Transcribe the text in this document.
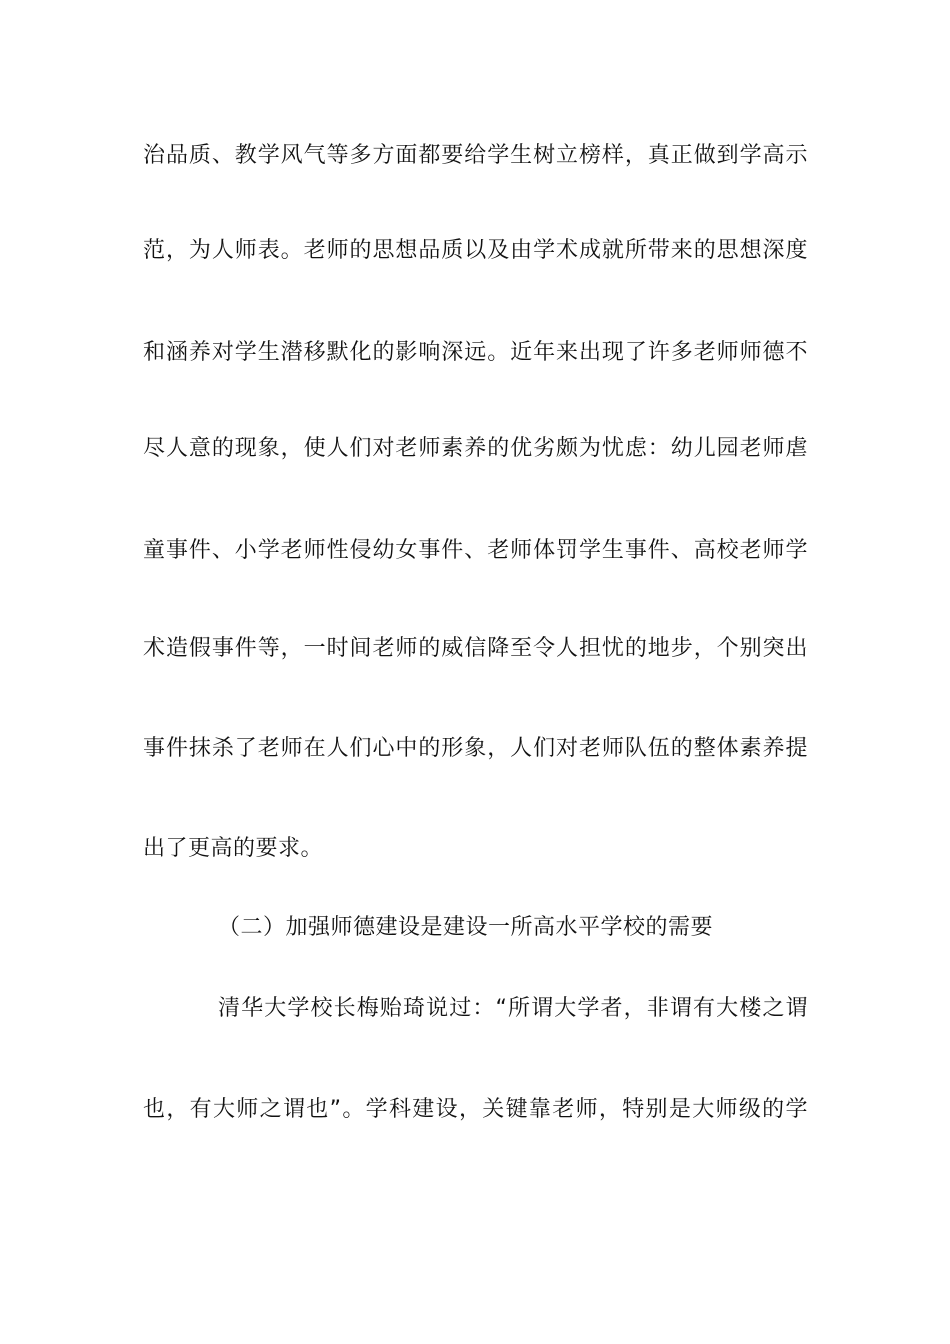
治品质、教学风气等多方面都要给学生树立榜样，真正做到学高示
范，为人师表。老师的思想品质以及由学术成就所带来的思想深度
和涵养对学生潜移默化的影响深远。近年来出现了许多老师师德不
尽人意的现象，使人们对老师素养的优劣颇为忧虑：幼儿园老师虐
童事件、小学老师性侵幼女事件、老师体罚学生事件、高校老师学
术造假事件等，一时间老师的威信降至令人担忧的地步，个别突出
事件抹杀了老师在人们心中的形象，人们对老师队伍的整体素养提
出了更高的要求。
（二）加强师德建设是建设一所高水平学校的需要
清华大学校长梅贻琦说过：“所谓大学者，非谓有大楼之谓
也，有大师之谓也”。学科建设，关键靠老师，特别是大师级的学
